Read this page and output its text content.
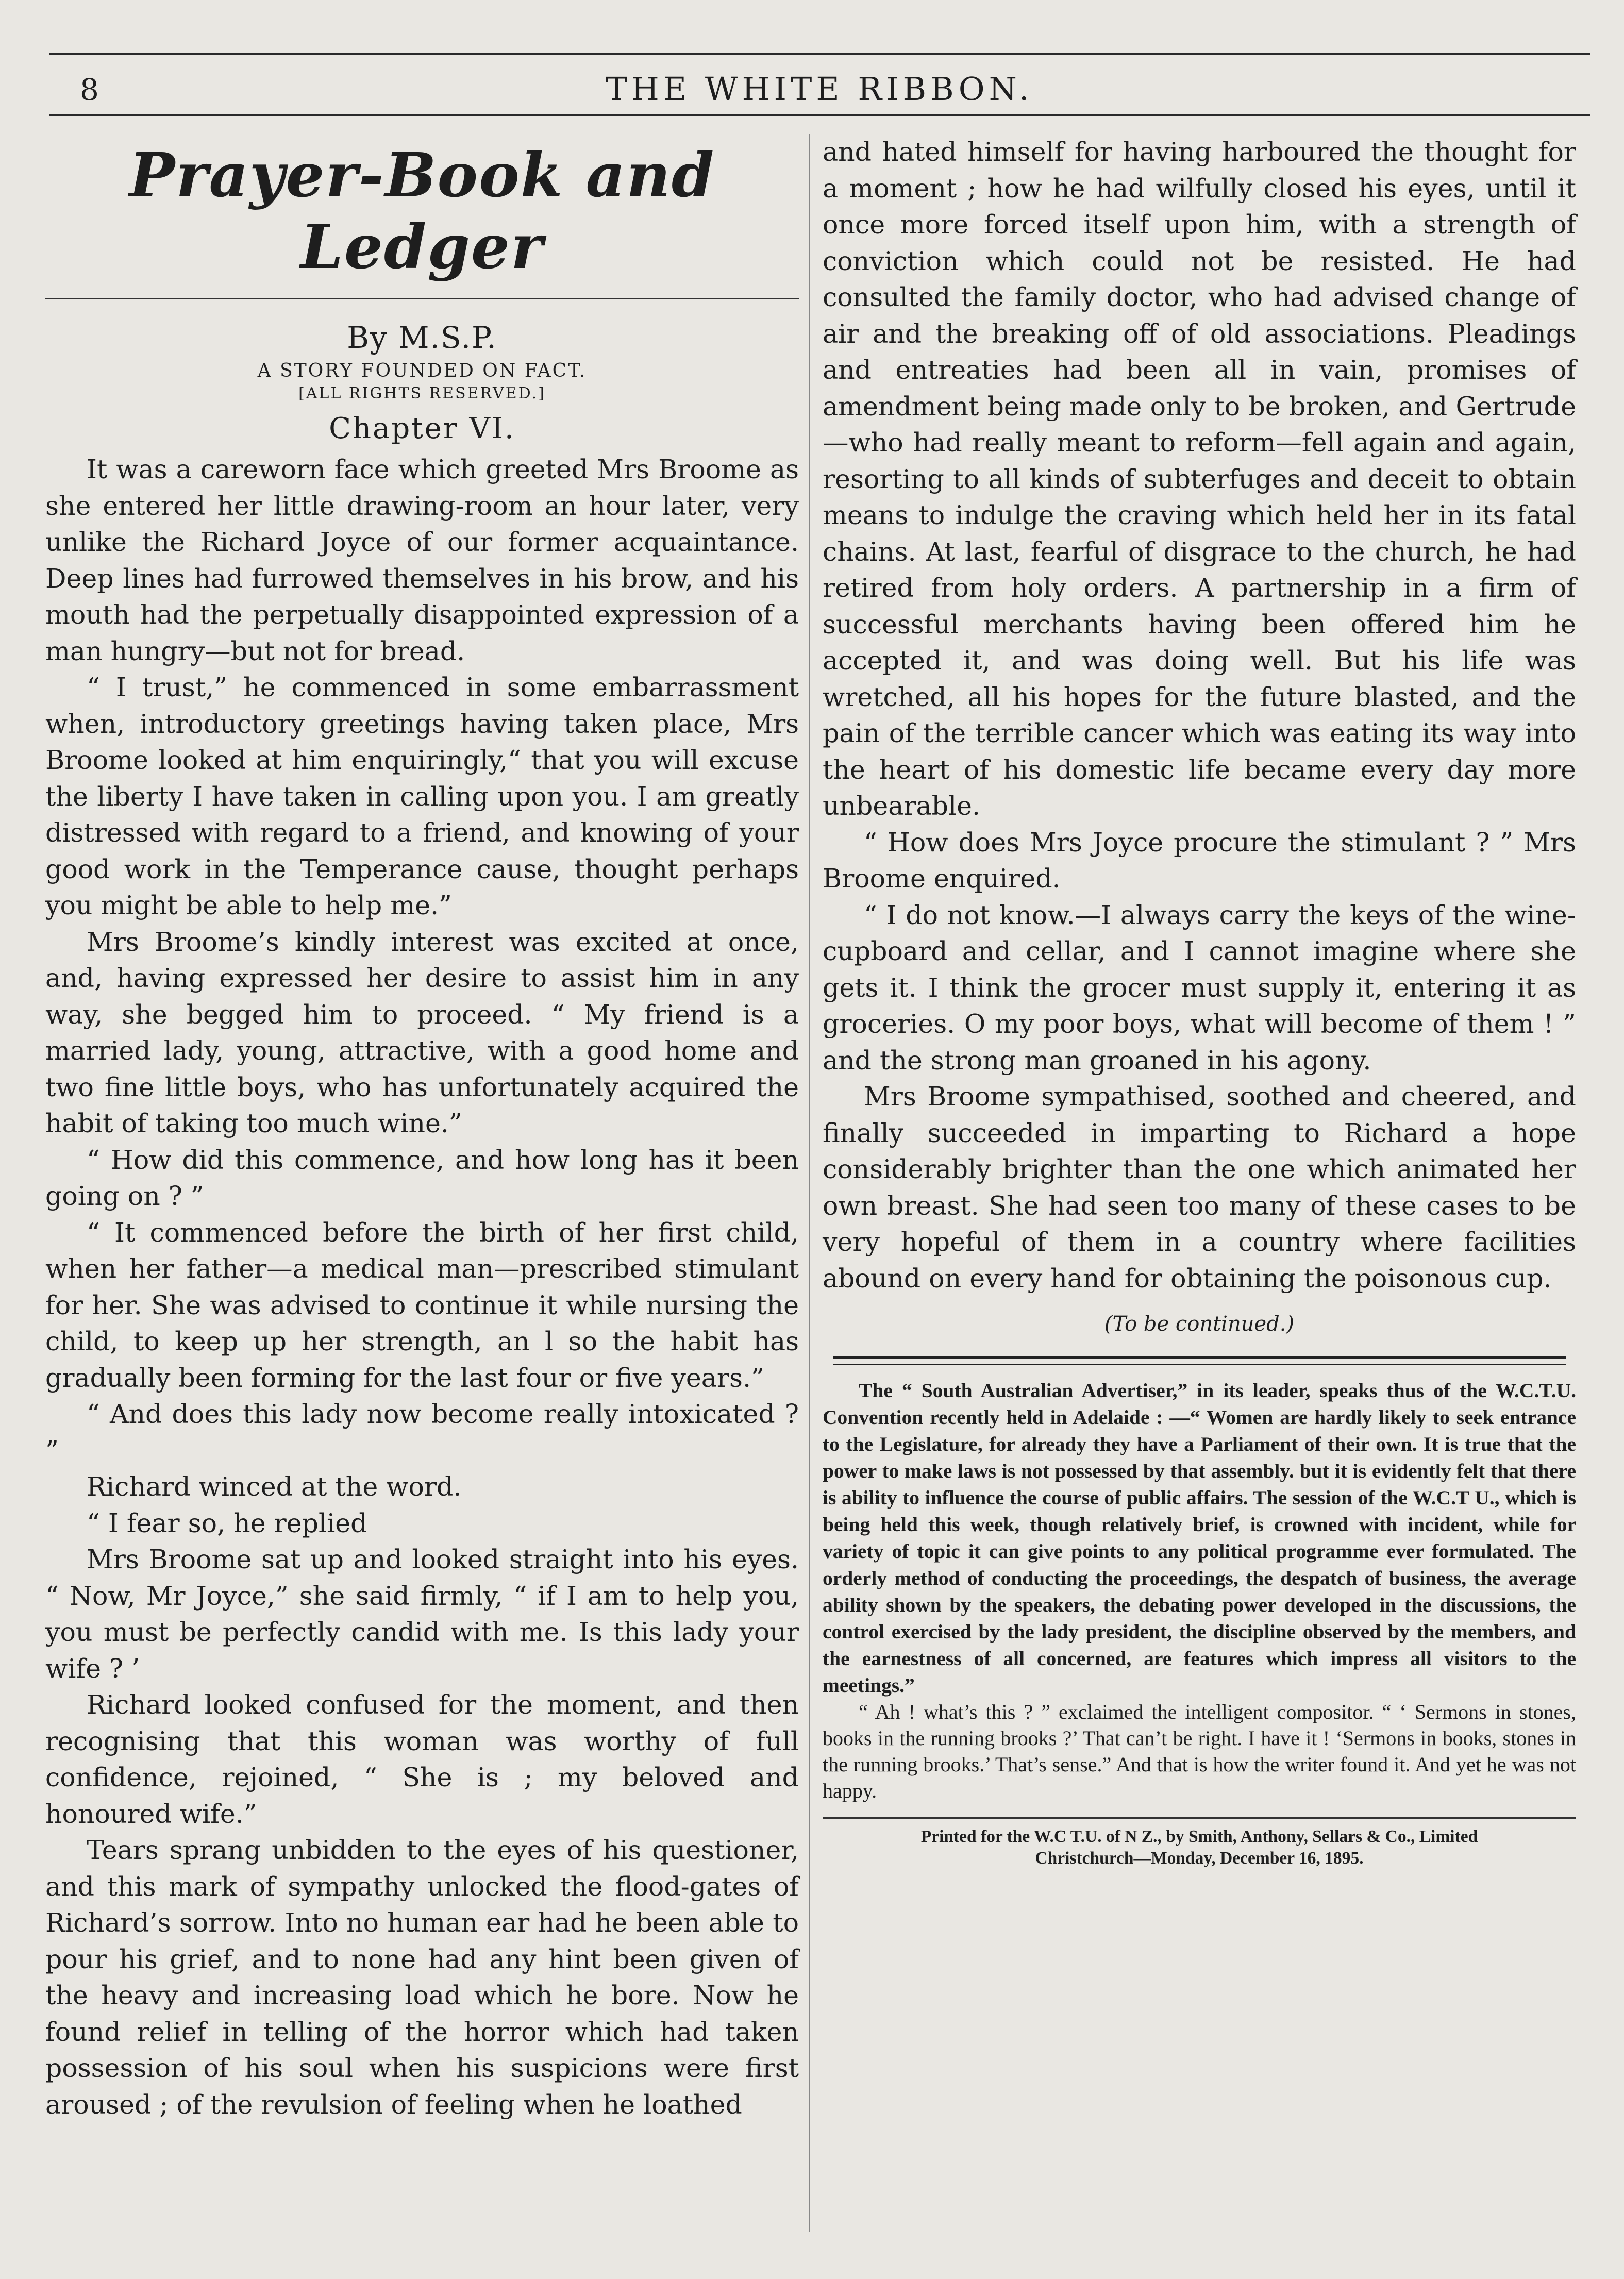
8	THE WHITE RIBBON.
Prayer-Book and Ledger
By M.S.P.
A STORY FOUNDED ON FACT.
[ALL RIGHTS RESERVED.]
Chapter VI.

It was a careworn face which greeted Mrs Broome as she entered her little drawing-room an hour later, very unlike the Richard Joyce of our former acquaintance. Deep lines had furrowed themselves in his brow, and his mouth had the perpetually disappointed expression of a man hungry—but not for bread.

“ I trust,” he commenced in some embarrassment when, introductory greetings having taken place, Mrs Broome looked at him enquiringly,“ that you will excuse the liberty I have taken in calling upon you. I am greatly distressed with regard to a friend, and knowing of your good work in the Temperance cause, thought perhaps you might be able to help me.”

Mrs Broome’s kindly interest was excited at once, and, having expressed her desire to assist him in any way, she begged him to proceed. “ My friend is a married lady, young, attractive, with a good home and two fine little boys, who has unfortunately acquired the habit of taking too much wine.”

“ How did this commence, and how long has it been going on ? ”

“ It commenced before the birth of her first child, when her father—a medical man—prescribed stimulant for her. She was advised to continue it while nursing the child, to keep up her strength, an l so the habit has gradually been forming for the last four or five years.”

“ And does this lady now become really intoxicated ? ”

Richard winced at the word.

“ I fear so, he replied

Mrs Broome sat up and looked straight into his eyes. “ Now, Mr Joyce,” she said firmly, “ if I am to help you, you must be perfectly candid with me. Is this lady your wife ? ’

Richard looked confused for the moment, and then recognising that this woman was worthy of full confidence, rejoined, “ She is ; my beloved and honoured wife.”

Tears sprang unbidden to the eyes of his questioner, and this mark of sympathy unlocked the flood-gates of Richard’s sorrow. Into no human ear had he been able to pour his grief, and to none had any hint been given of the heavy and increasing load which he bore. Now he found relief in telling of the horror which had taken possession of his soul when his suspicions were first aroused ; of the revulsion of feeling when he loathed

and hated himself for having harboured the thought for a moment ; how he had wilfully closed his eyes, until it once more forced itself upon him, with a strength of conviction which could not be resisted. He had consulted the family doctor, who had advised change of air and the breaking off of old associations. Pleadings and entreaties had been all in vain, promises of amendment being made only to be broken, and Gertrude—who had really meant to reform—fell again and again, resorting to all kinds of subterfuges and deceit to obtain means to indulge the craving which held her in its fatal chains. At last, fearful of disgrace to the church, he had retired from holy orders. A partnership in a firm of successful merchants having been offered him he accepted it, and was doing well. But his life was wretched, all his hopes for the future blasted, and the pain of the terrible cancer which was eating its way into the heart of his domestic life became every day more unbearable.

“ How does Mrs Joyce procure the stimulant ? ” Mrs Broome enquired.

“ I do not know.—I always carry the keys of the wine-cupboard and cellar, and I cannot imagine where she gets it. I think the grocer must supply it, entering it as groceries. O my poor boys, what will become of them ! ” and the strong man groaned in his agony.

Mrs Broome sympathised, soothed and cheered, and finally succeeded in imparting to Richard a hope considerably brighter than the one which animated her own breast. She had seen too many of these cases to be very hopeful of them in a country where facilities abound on every hand for obtaining the poisonous cup.

(To be continued.)

The “ South Australian Advertiser,” in its leader, speaks thus of the W.C.T.U. Convention recently held in Adelaide : —“ Women are hardly likely to seek entrance to the Legislature, for already they have a Parliament of their own. It is true that the power to make laws is not possessed by that assembly. but it is evidently felt that there is ability to influence the course of public affairs. The session of the W.C.T U., which is being held this week, though relatively brief, is crowned with incident, while for variety of topic it can give points to any political programme ever formulated. The orderly method of conducting the proceedings, the despatch of business, the average ability shown by the speakers, the debating power developed in the discussions, the control exercised by the lady president, the discipline observed by the members, and the earnestness of all concerned, are features which impress all visitors to the meetings.”

“ Ah ! what’s this ? ” exclaimed the intelligent compositor. “ ‘ Sermons in stones, books in the running brooks ?’ That can’t be right. I have it ! ‘Sermons in books, stones in the running brooks.’ That’s sense.” And that is how the writer found it. And yet he was not happy.

Printed for the W.C T.U. of N Z., by Smith, Anthony, Sellars & Co., Limited

Christchurch—Monday, December 16, 1895.
